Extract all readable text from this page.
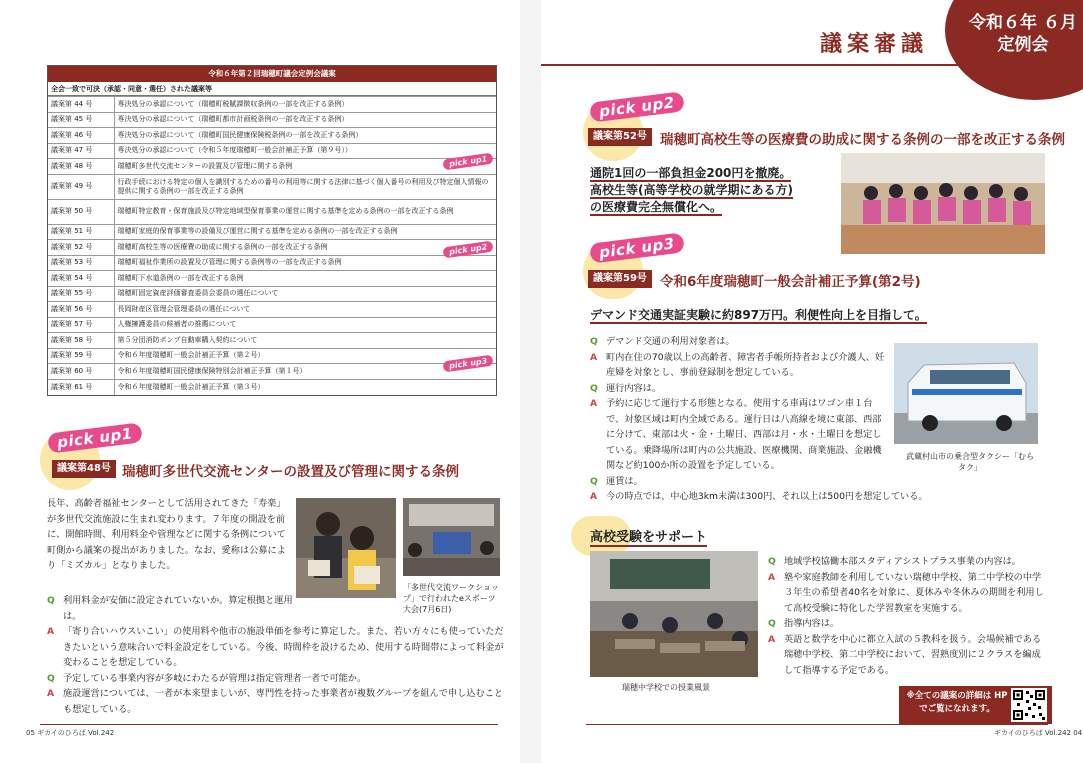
令和６年第２回瑞穂町議会定例会議案
全会一致で可決（承認・同意・選任）された議案等
議案第 44 号	専決処分の承認について（瑞穂町税賦課徴収条例の一部を改正する条例）
議案第 45 号	専決処分の承認について（瑞穂町都市計画税条例の一部を改正する条例）
議案第 46 号	専決処分の承認について（瑞穂町国民健康保険税条例の一部を改正する条例）
議案第 47 号	専決処分の承認について（令和５年度瑞穂町一般会計補正予算（第９号））
議案第 48 号	瑞穂町多世代交流センターの設置及び管理に関する条例
議案第 49 号	行政手続における特定の個人を識別するための番号の利用等に関する法律に基づく個人番号の利用及び特定個人情報の提供に関する条例の一部を改正する条例
議案第 50 号	瑞穂町特定教育・保育施設及び特定地域型保育事業の運営に関する基準を定める条例の一部を改正する条例
議案第 51 号	瑞穂町家庭的保育事業等の設備及び運営に関する基準を定める条例の一部を改正する条例
議案第 52 号	瑞穂町高校生等の医療費の助成に関する条例の一部を改正する条例
議案第 53 号	瑞穂町福祉作業所の設置及び管理に関する条例等の一部を改正する条例
議案第 54 号	瑞穂町下水道条例の一部を改正する条例
議案第 55 号	瑞穂町固定資産評価審査委員会委員の選任について
議案第 56 号	長岡財産区管理会管理委員の選任について
議案第 57 号	人権擁護委員の候補者の推薦について
議案第 58 号	第５分団消防ポンプ自動車購入契約について
議案第 59 号	令和６年度瑞穂町一般会計補正予算（第２号）
議案第 60 号	令和６年度瑞穂町国民健康保険特別会計補正予算（第１号）
議案第 61 号	令和６年度瑞穂町一般会計補正予算（第３号）
pick up1
pick up2
pick up3
pick up1
議案第48号 瑞穂町多世代交流センターの設置及び管理に関する条例
長年、高齢者福祉センターとして活用されてきた「寿楽」が多世代交流施設に生まれ変わります。７年度の開設を前に、開館時間、利用料金や管理などに関する条例について町側から議案の提出がありました。なお、愛称は公募により「ミズカル」となりました。
「多世代交流ワークショップ」で行われたeスポーツ大会(7月6日)
Q 利用料金が安価に設定されていないか。算定根拠と運用は。
A 「寄り合いハウスいこい」の使用料や他市の施設単価を参考に算定した。また、若い方々にも使っていただきたいという意味合いで料金設定をしている。今後、時間枠を設けるため、使用する時間帯によって料金が変わることを想定している。
Q 予定している事業内容が多岐にわたるが管理は指定管理者一者で可能か。
A 施設運営については、一者が本来望ましいが、専門性を持った事業者が複数グループを組んで申し込むことも想定している。
05 ギカイのひろば Vol.242
令和６年 ６月定例会
議案審議
pick up2
議案第52号 瑞穂町高校生等の医療費の助成に関する条例の一部を改正する条例
通院1回の一部負担金200円を撤廃。
高校生等(高等学校の就学期にある方)
の医療費完全無償化へ。
pick up3
議案第59号 令和6年度瑞穂町一般会計補正予算(第2号)
デマンド交通実証実験に約897万円。利便性向上を目指して。
Q デマンド交通の利用対象者は。
A 町内在住の70歳以上の高齢者、障害者手帳所持者および介護人、妊産婦を対象とし、事前登録制を想定している。
Q 運行内容は。
A 予約に応じて運行する形態となる。使用する車両はワゴン車１台で、対象区域は町内全域である。運行日は八高線を境に東部、西部に分けて、東部は火・金・土曜日、西部は月・水・土曜日を想定している。乗降場所は町内の公共施設、医療機関、商業施設、金融機関など約100か所の設置を予定している。
Q 運賃は。
A 今の時点では、中心地3km未満は300円、それ以上は500円を想定している。
武蔵村山市の乗合型タクシー「むらタク」
高校受験をサポート
瑞穂中学校での授業風景
Q 地域学校協働本部スタディアシストプラス事業の内容は。
A 塾や家庭教師を利用していない瑞穂中学校、第二中学校の中学３年生の希望者40名を対象に、夏休みや冬休みの期間を利用して高校受験に特化した学習教室を実施する。
Q 指導内容は。
A 英語と数学を中心に都立入試の５教科を扱う。会場候補である瑞穂中学校、第二中学校において、習熟度別に２クラスを編成して指導する予定である。
※全ての議案の詳細は HPでご覧になれます。
ギカイのひろば Vol.242 04
